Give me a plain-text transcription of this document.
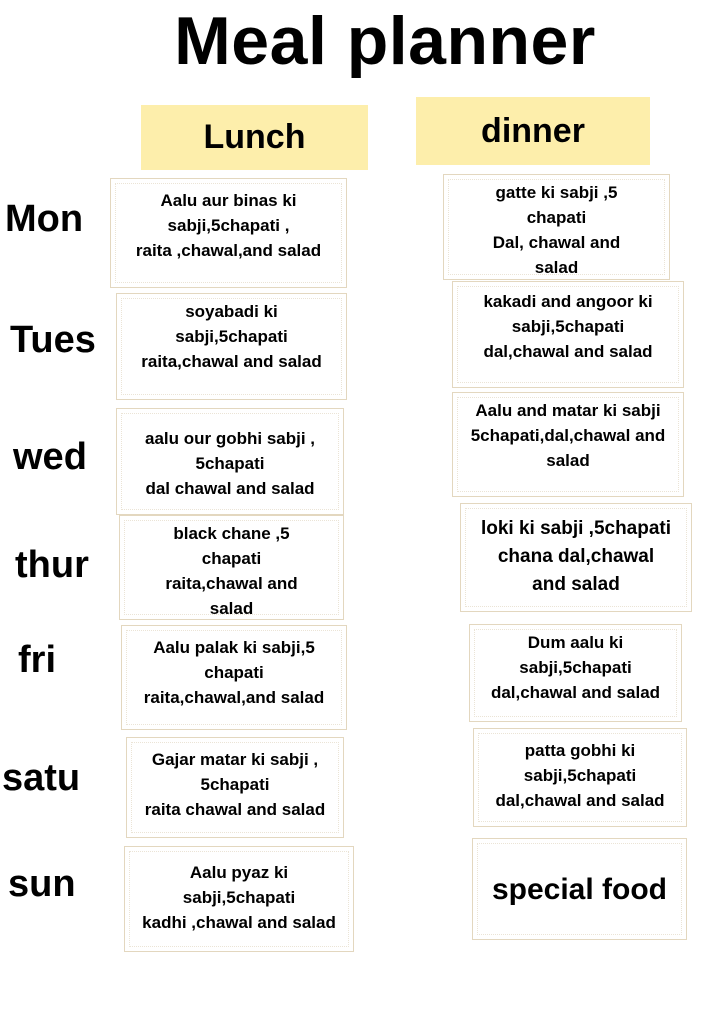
Meal planner
Lunch	dinner
Mon
Tues
wed
thur
fri
satu
sun
Aalu aur binas ki
sabji,5chapati ,
raita ,chawal,and salad
soyabadi ki
sabji,5chapati
raita,chawal and salad
aalu our gobhi sabji ,
5chapati
dal chawal and salad
black chane ,5
chapati
raita,chawal and
salad
Aalu palak ki sabji,5
chapati
raita,chawal,and salad
Gajar matar ki sabji ,
5chapati
raita chawal and salad
Aalu pyaz ki
sabji,5chapati
kadhi ,chawal and salad
gatte ki sabji ,5
chapati
Dal, chawal and
salad
kakadi and angoor ki
sabji,5chapati
dal,chawal and salad
Aalu and matar ki sabji
5chapati,dal,chawal and
salad
loki ki sabji ,5chapati
chana dal,chawal
and salad
Dum aalu ki
sabji,5chapati
dal,chawal and salad
patta gobhi ki
sabji,5chapati
dal,chawal and salad
special food
